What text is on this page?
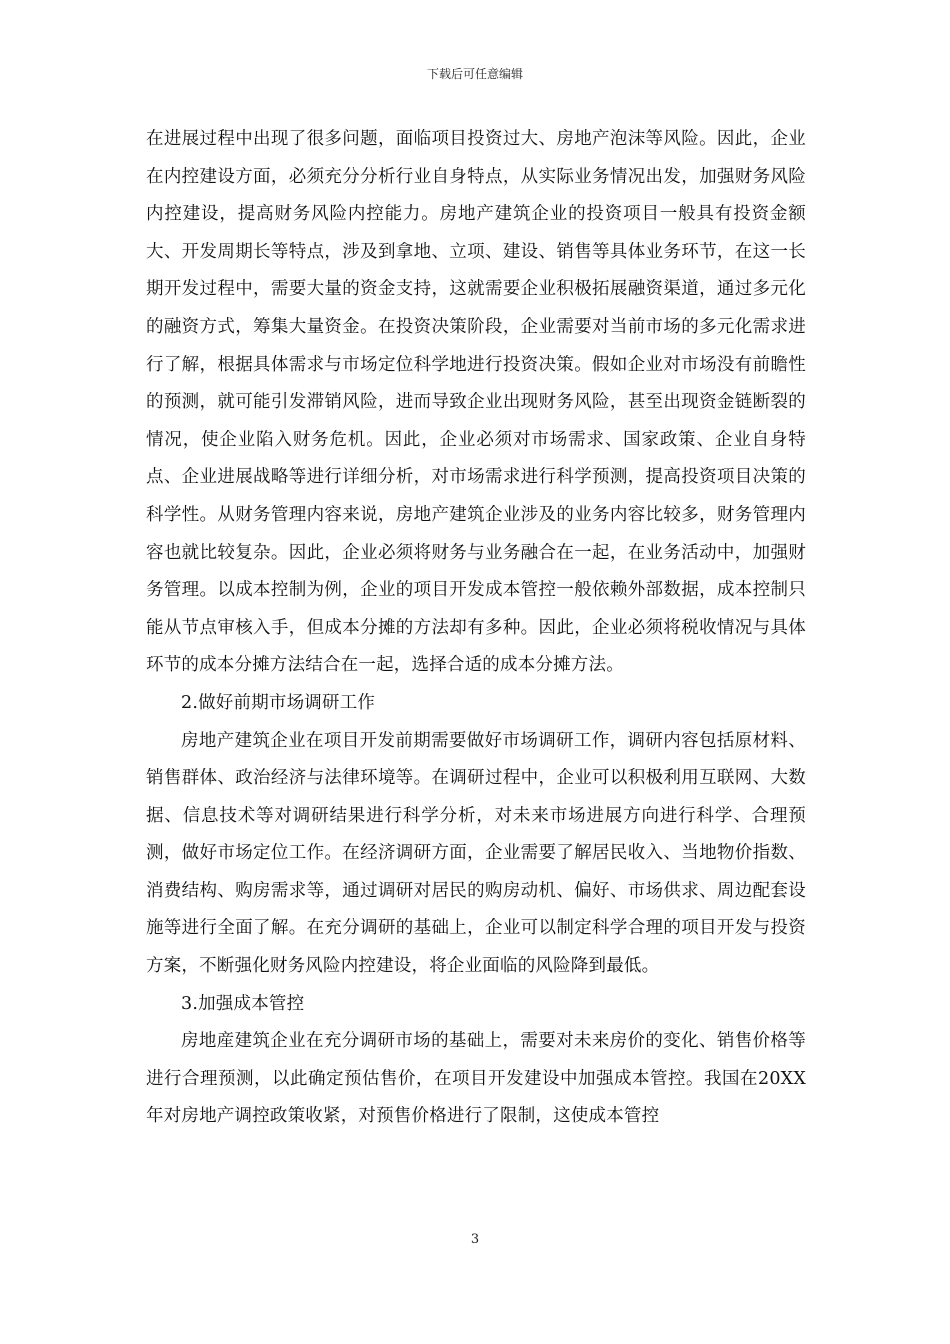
下载后可任意编辑

在进展过程中出现了很多问题，面临项目投资过大、房地产泡沫等风险。因此，企业在内控建设方面，必须充分分析行业自身特点，从实际业务情况出发，加强财务风险内控建设，提高财务风险内控能力。房地产建筑企业的投资项目一般具有投资金额大、开发周期长等特点，涉及到拿地、立项、建设、销售等具体业务环节，在这一长期开发过程中，需要大量的资金支持，这就需要企业积极拓展融资渠道，通过多元化的融资方式，筹集大量资金。在投资决策阶段，企业需要对当前市场的多元化需求进行了解，根据具体需求与市场定位科学地进行投资决策。假如企业对市场没有前瞻性的预测，就可能引发滞销风险，进而导致企业出现财务风险，甚至出现资金链断裂的情况，使企业陷入财务危机。因此，企业必须对市场需求、国家政策、企业自身特点、企业进展战略等进行详细分析，对市场需求进行科学预测，提高投资项目决策的科学性。从财务管理内容来说，房地产建筑企业涉及的业务内容比较多，财务管理内容也就比较复杂。因此，企业必须将财务与业务融合在一起，在业务活动中，加强财务管理。以成本控制为例，企业的项目开发成本管控一般依赖外部数据，成本控制只能从节点审核入手，但成本分摊的方法却有多种。因此，企业必须将税收情况与具体环节的成本分摊方法结合在一起，选择合适的成本分摊方法。

2.做好前期市场调研工作

房地产建筑企业在项目开发前期需要做好市场调研工作，调研内容包括原材料、销售群体、政治经济与法律环境等。在调研过程中，企业可以积极利用互联网、大数据、信息技术等对调研结果进行科学分析，对未来市场进展方向进行科学、合理预测，做好市场定位工作。在经济调研方面，企业需要了解居民收入、当地物价指数、消费结构、购房需求等，通过调研对居民的购房动机、偏好、市场供求、周边配套设施等进行全面了解。在充分调研的基础上，企业可以制定科学合理的项目开发与投资方案，不断强化财务风险内控建设，将企业面临的风险降到最低。

3.加强成本管控

房地産建筑企业在充分调研市场的基础上，需要对未来房价的变化、销售价格等进行合理预测，以此确定预估售价，在项目开发建设中加强成本管控。我国在20XX年对房地产调控政策收紧，对预售价格进行了限制，这使成本管控

3
